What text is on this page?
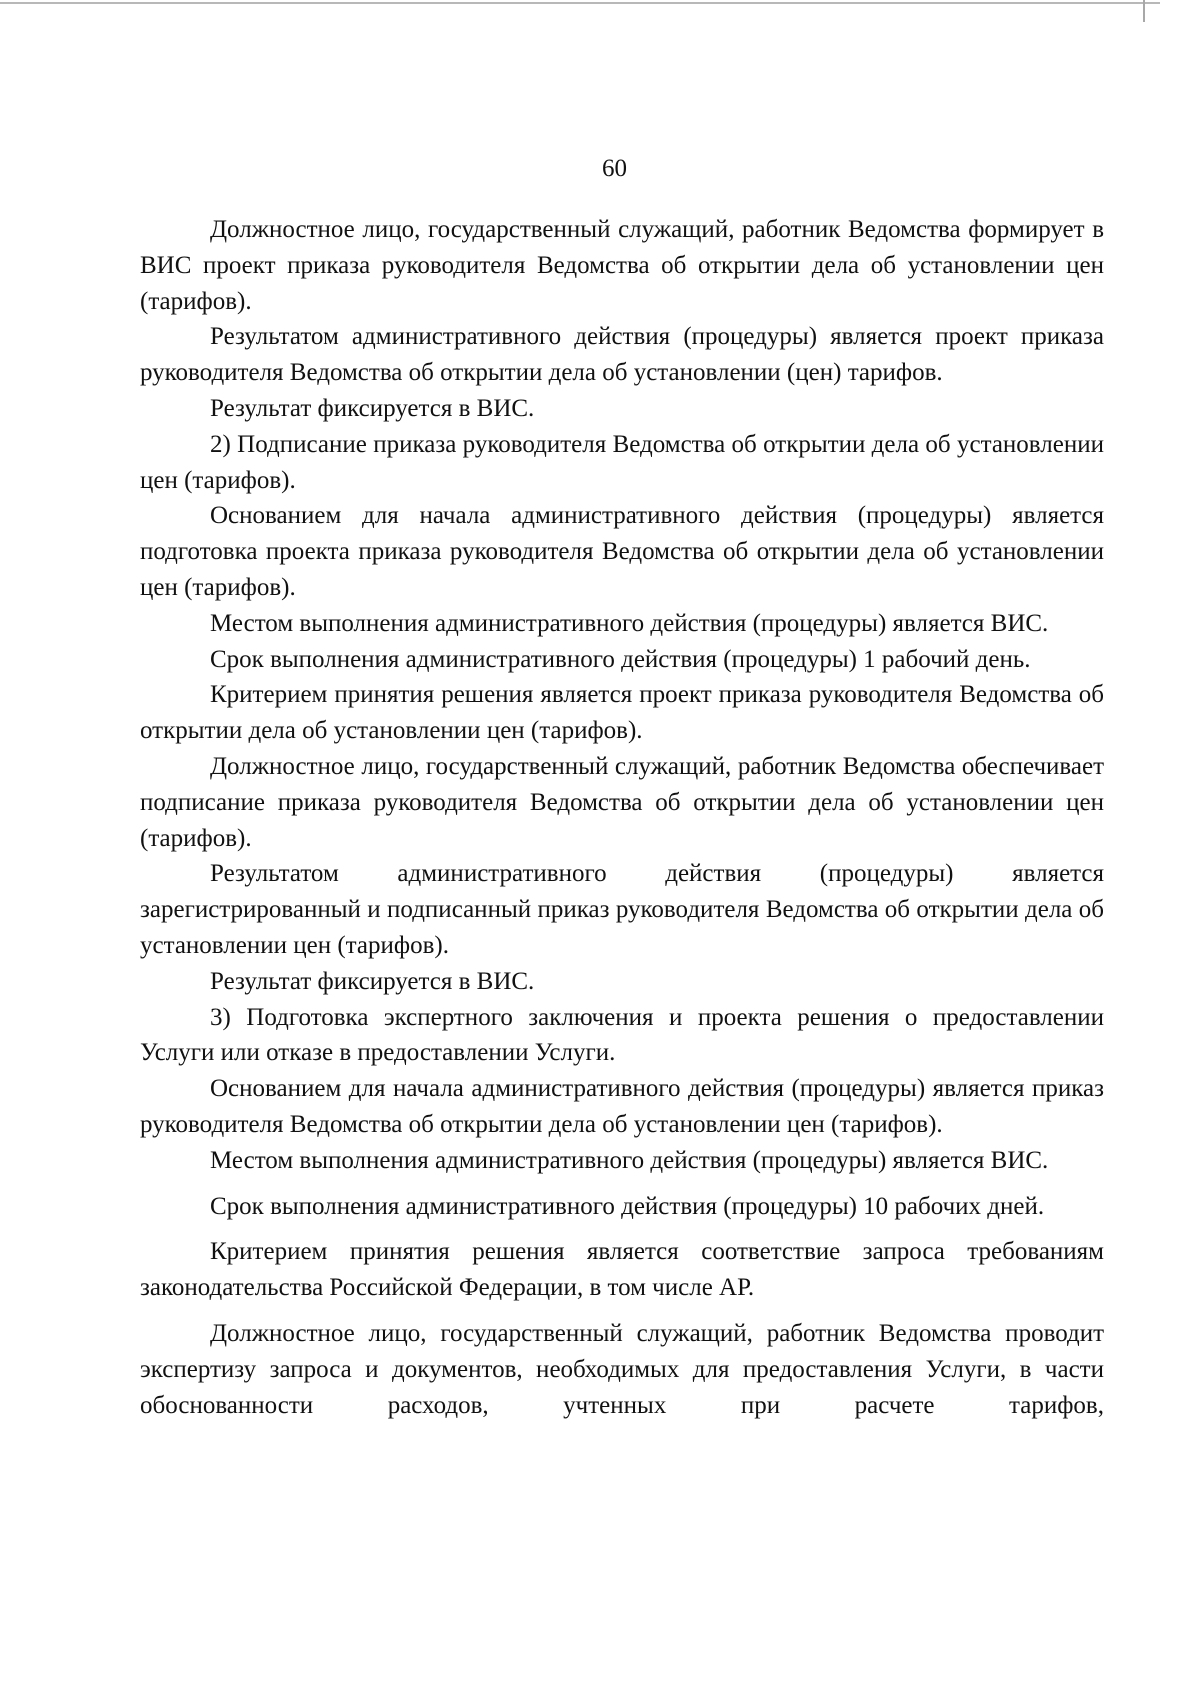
60

Должностное лицо, государственный служащий, работник Ведомства формирует в ВИС проект приказа руководителя Ведомства об открытии дела об установлении цен (тарифов).

Результатом административного действия (процедуры) является проект приказа руководителя Ведомства об открытии дела об установлении (цен) тарифов.

Результат фиксируется в ВИС.

2) Подписание приказа руководителя Ведомства об открытии дела об установлении цен (тарифов).

Основанием для начала административного действия (процедуры) является подготовка проекта приказа руководителя Ведомства об открытии дела об установлении цен (тарифов).

Местом выполнения административного действия (процедуры) является ВИС.

Срок выполнения административного действия (процедуры) 1 рабочий день.

Критерием принятия решения является проект приказа руководителя Ведомства об открытии дела об установлении цен (тарифов).

Должностное лицо, государственный служащий, работник Ведомства обеспечивает подписание приказа руководителя Ведомства об открытии дела об установлении цен (тарифов).

Результатом административного действия (процедуры) является зарегистрированный и подписанный приказ руководителя Ведомства об открытии дела об установлении цен (тарифов).

Результат фиксируется в ВИС.

3) Подготовка экспертного заключения и проекта решения о предоставлении Услуги или отказе в предоставлении Услуги.

Основанием для начала административного действия (процедуры) является приказ руководителя Ведомства об открытии дела об установлении цен (тарифов).

Местом выполнения административного действия (процедуры) является ВИС.

Срок выполнения административного действия (процедуры) 10 рабочих дней.

Критерием принятия решения является соответствие запроса требованиям законодательства Российской Федерации, в том числе АР.

Должностное лицо, государственный служащий, работник Ведомства проводит экспертизу запроса и документов, необходимых для предоставления Услуги, в части обоснованности расходов, учтенных при расчете тарифов,
